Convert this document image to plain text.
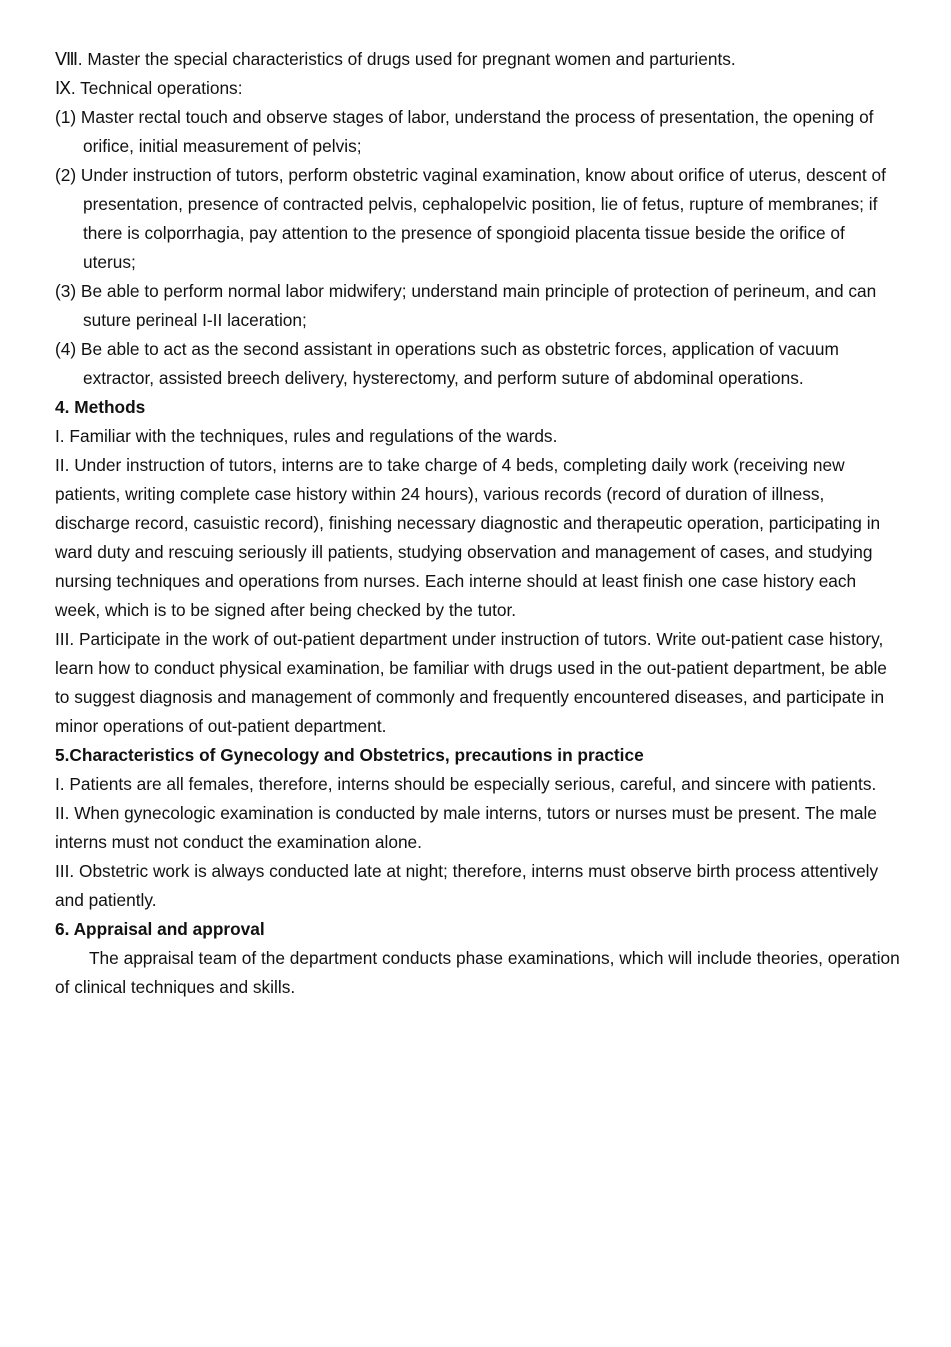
Ⅷ. Master the special characteristics of drugs used for pregnant women and parturients.

Ⅸ. Technical operations:

(1) Master rectal touch and observe stages of labor, understand the process of presentation, the opening of orifice, initial measurement of pelvis;

(2) Under instruction of tutors, perform obstetric vaginal examination, know about orifice of uterus, descent of presentation, presence of contracted pelvis, cephalopelvic position, lie of fetus, rupture of membranes; if there is colporrhagia, pay attention to the presence of spongioid placenta tissue beside the orifice of uterus;

(3) Be able to perform normal labor midwifery; understand main principle of protection of perineum, and can suture perineal I-II laceration;

(4) Be able to act as the second assistant in operations such as obstetric forces, application of vacuum extractor, assisted breech delivery, hysterectomy, and perform suture of abdominal operations.

4. Methods

I. Familiar with the techniques, rules and regulations of the wards.

II. Under instruction of tutors, interns are to take charge of 4 beds, completing daily work (receiving new patients, writing complete case history within 24 hours), various records (record of duration of illness, discharge record, casuistic record), finishing necessary diagnostic and therapeutic operation, participating in ward duty and rescuing seriously ill patients, studying observation and management of cases, and studying nursing techniques and operations from nurses. Each interne should at least finish one case history each week, which is to be signed after being checked by the tutor.

III. Participate in the work of out-patient department under instruction of tutors. Write out-patient case history, learn how to conduct physical examination, be familiar with drugs used in the out-patient department, be able to suggest diagnosis and management of commonly and frequently encountered diseases, and participate in minor operations of out-patient department.

5.Characteristics of Gynecology and Obstetrics, precautions in practice

I. Patients are all females, therefore, interns should be especially serious, careful, and sincere with patients.

II. When gynecologic examination is conducted by male interns, tutors or nurses must be present. The male interns must not conduct the examination alone.

III. Obstetric work is always conducted late at night; therefore, interns must observe birth process attentively and patiently.

6. Appraisal and approval

The appraisal team of the department conducts phase examinations, which will include theories, operation of clinical techniques and skills.
